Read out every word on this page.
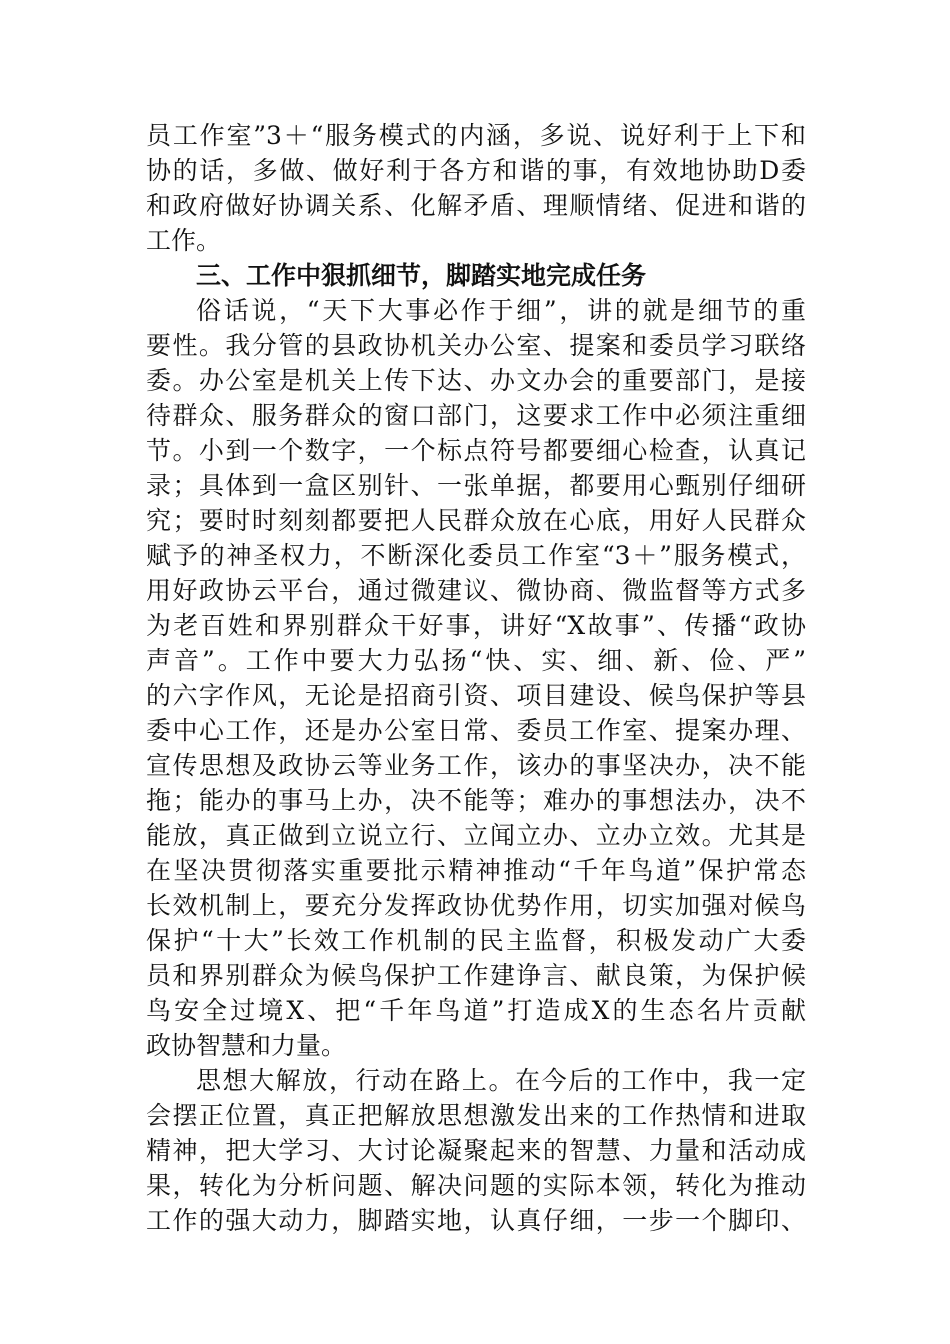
员工作室”3＋“服务模式的内涵，多说、说好利于上下和
协的话，多做、做好利于各方和谐的事，有效地协助D委
和政府做好协调关系、化解矛盾、理顺情绪、促进和谐的
工作。
三、工作中狠抓细节，脚踏实地完成任务
俗话说，“天下大事必作于细”，讲的就是细节的重
要性。我分管的县政协机关办公室、提案和委员学习联络
委。办公室是机关上传下达、办文办会的重要部门，是接
待群众、服务群众的窗口部门，这要求工作中必须注重细
节。小到一个数字，一个标点符号都要细心检查，认真记
录；具体到一盒区别针、一张单据，都要用心甄别仔细研
究；要时时刻刻都要把人民群众放在心底，用好人民群众
赋予的神圣权力，不断深化委员工作室“3＋”服务模式，
用好政协云平台，通过微建议、微协商、微监督等方式多
为老百姓和界别群众干好事，讲好“X故事”、传播“政协
声音”。工作中要大力弘扬“快、实、细、新、俭、严”
的六字作风，无论是招商引资、项目建设、候鸟保护等县
委中心工作，还是办公室日常、委员工作室、提案办理、
宣传思想及政协云等业务工作，该办的事坚决办，决不能
拖；能办的事马上办，决不能等；难办的事想法办，决不
能放，真正做到立说立行、立闻立办、立办立效。尤其是
在坚决贯彻落实重要批示精神推动“千年鸟道”保护常态
长效机制上，要充分发挥政协优势作用，切实加强对候鸟
保护“十大”长效工作机制的民主监督，积极发动广大委
员和界别群众为候鸟保护工作建诤言、献良策，为保护候
鸟安全过境X、把“千年鸟道”打造成X的生态名片贡献
政协智慧和力量。
思想大解放，行动在路上。在今后的工作中，我一定
会摆正位置，真正把解放思想激发出来的工作热情和进取
精神，把大学习、大讨论凝聚起来的智慧、力量和活动成
果，转化为分析问题、解决问题的实际本领，转化为推动
工作的强大动力，脚踏实地，认真仔细，一步一个脚印、
